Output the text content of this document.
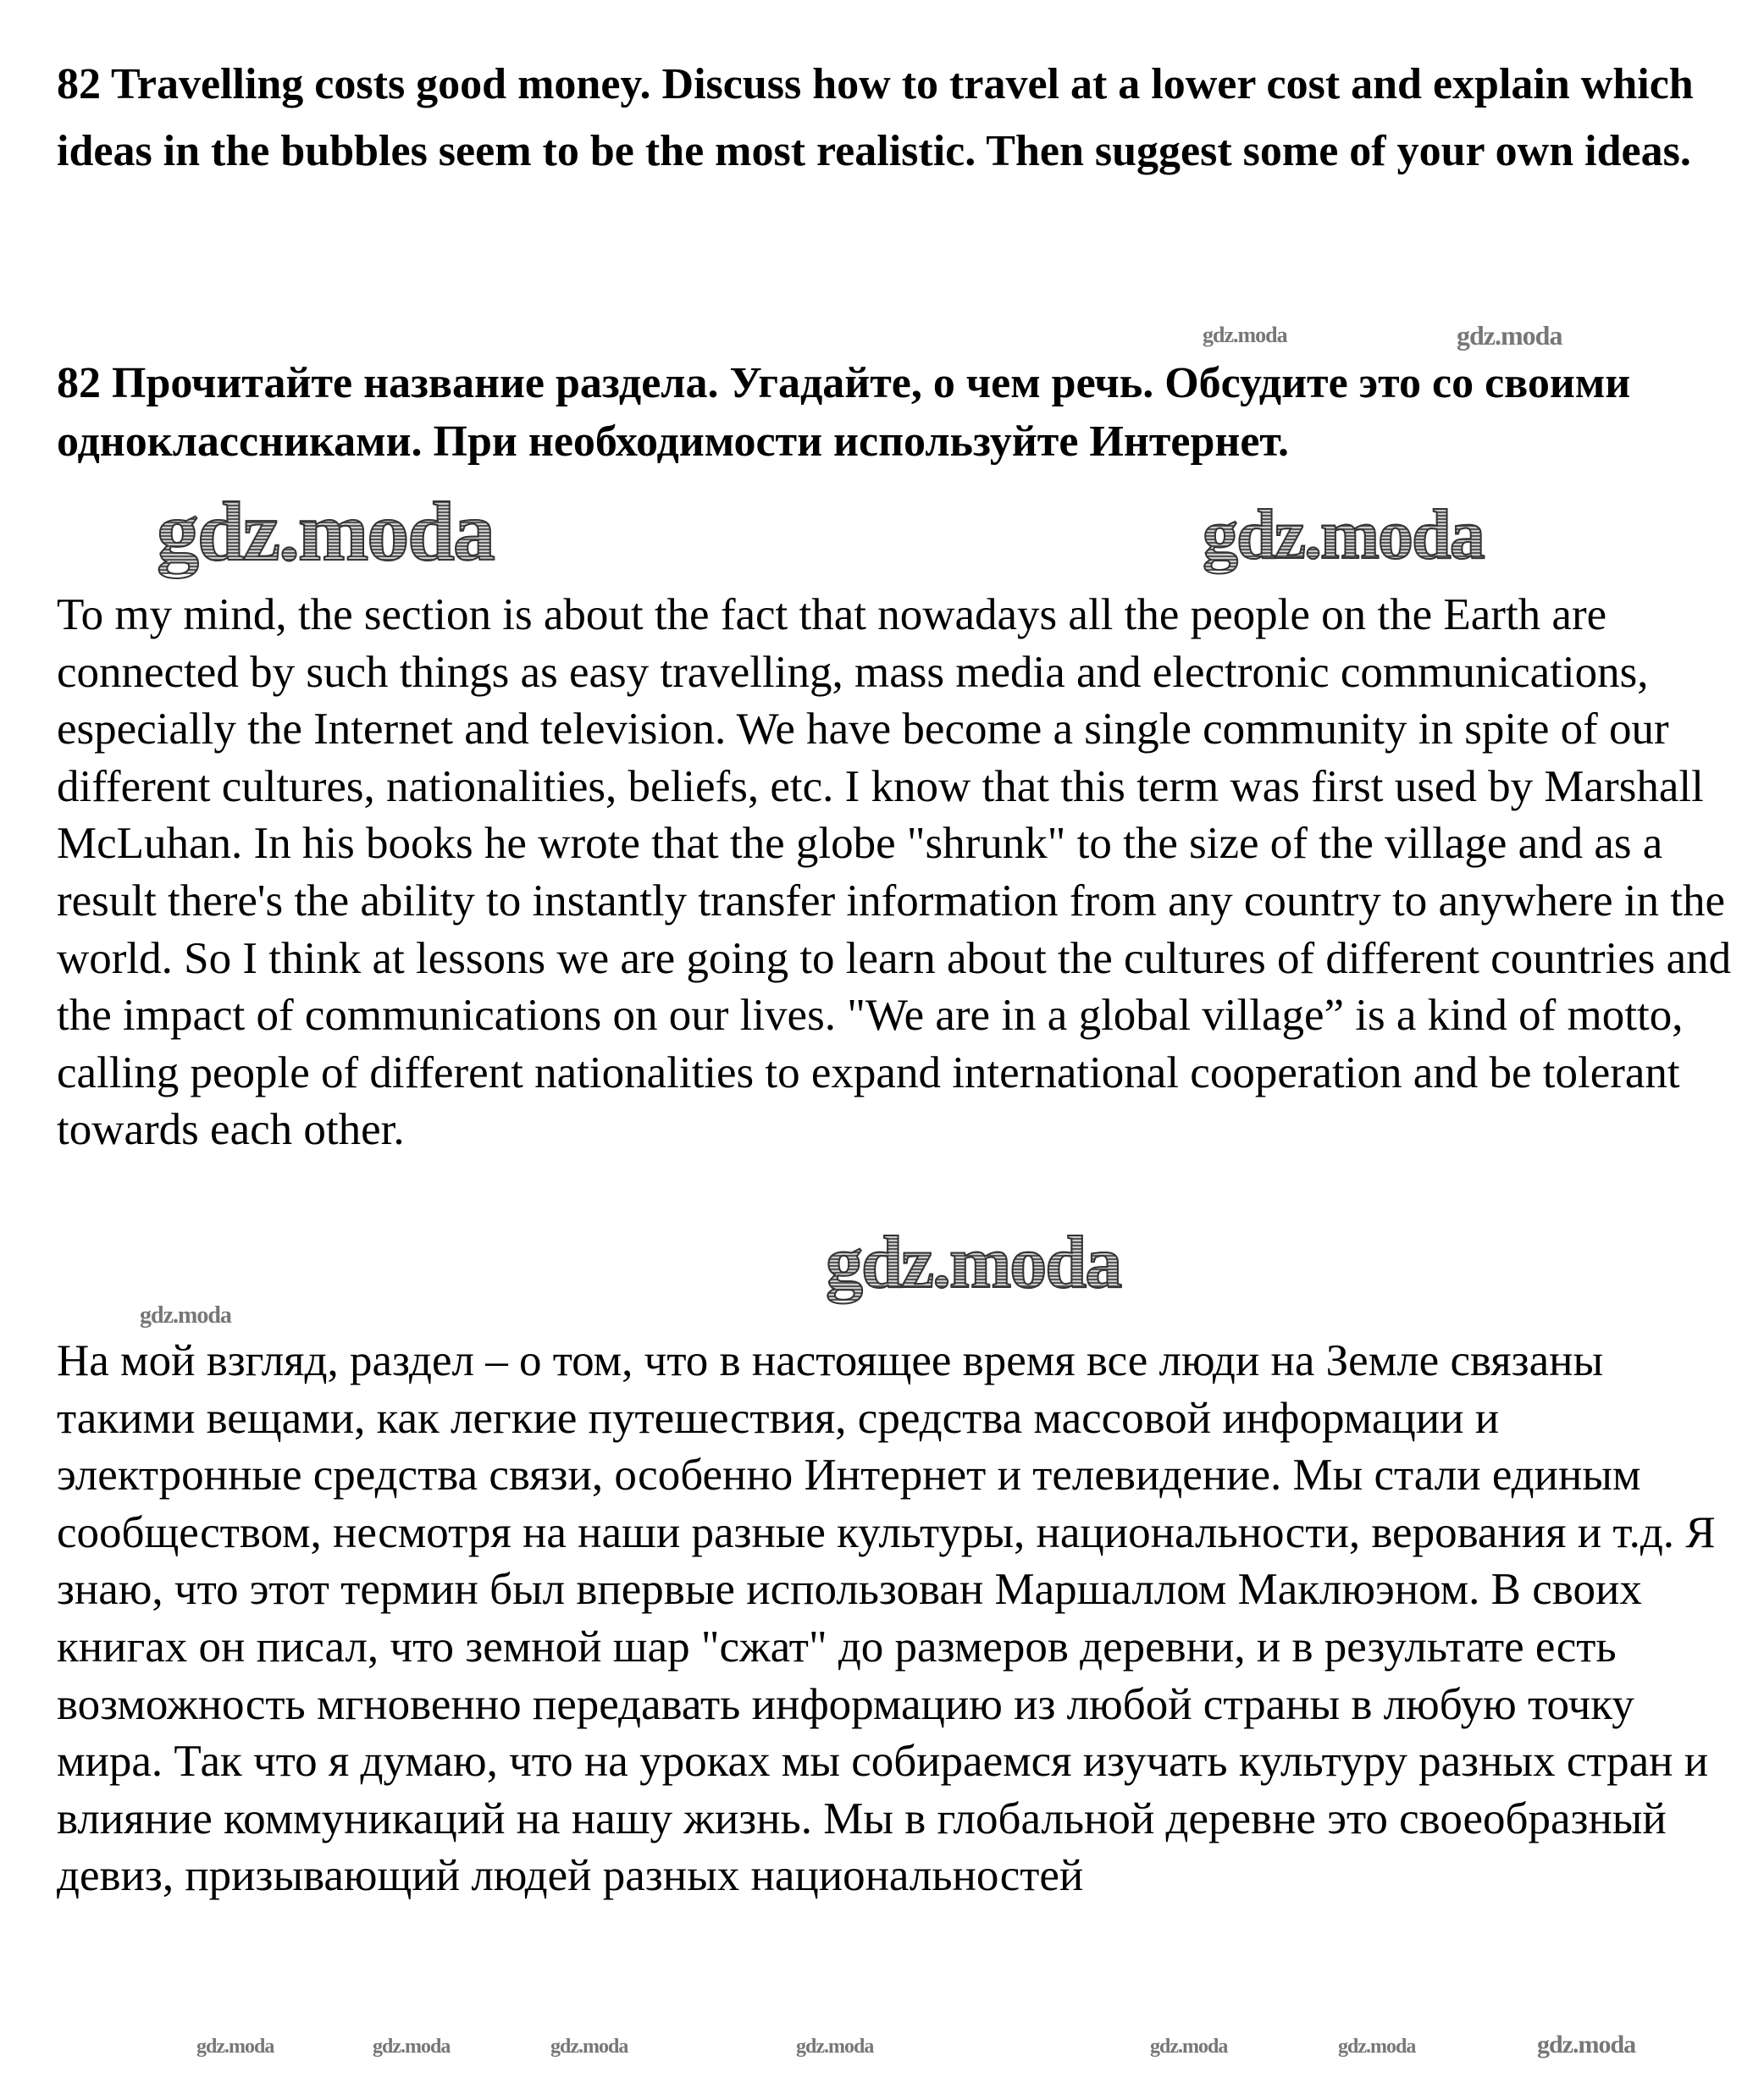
82 Travelling costs good money. Discuss how to travel at a lower cost and explain which ideas in the bubbles seem to be the most realistic. Then suggest some of your own ideas.
82 Прочитайте название раздела. Угадайте, о чем речь. Обсудите это со своими одноклассниками. При необходимости используйте Интернет.
To my mind, the section is about the fact that nowadays all the people on the Earth are connected by such things as easy travelling, mass media and electronic communications, especially the Internet and television. We have become a single community in spite of our different cultures, nationalities, beliefs, etc. I know that this term was first used by Marshall McLuhan. In his books he wrote that the globe "shrunk" to the size of the village and as a result there's the ability to instantly transfer information from any country to anywhere in the world. So I think at lessons we are going to learn about the cultures of different countries and the impact of communications on our lives. "We are in a global village” is a kind of motto, calling people of different nationalities to expand international cooperation and be tolerant towards each other.
На мой взгляд, раздел – о том, что в настоящее время все люди на Земле связаны такими вещами, как легкие путешествия, средства массовой информации и электронные средства связи, особенно Интернет и телевидение. Мы стали единым сообществом, несмотря на наши разные культуры, национальности, верования и т.д. Я знаю, что этот термин был впервые использован Маршаллом Маклюэном. В своих книгах он писал, что земной шар "сжат" до размеров деревни, и в результате есть возможность мгновенно передавать информацию из любой страны в любую точку мира. Так что я думаю, что на уроках мы собираемся изучать культуру разных стран и влияние коммуникаций на нашу жизнь. Мы в глобальной деревне это своеобразный девиз, призывающий людей разных национальностей
gdz.moda	gdz.moda
gdz.moda	gdz.moda
gdz.moda
gdz.moda
gdz.moda	gdz.moda	gdz.moda	gdz.moda	gdz.moda	gdz.moda	gdz.moda
